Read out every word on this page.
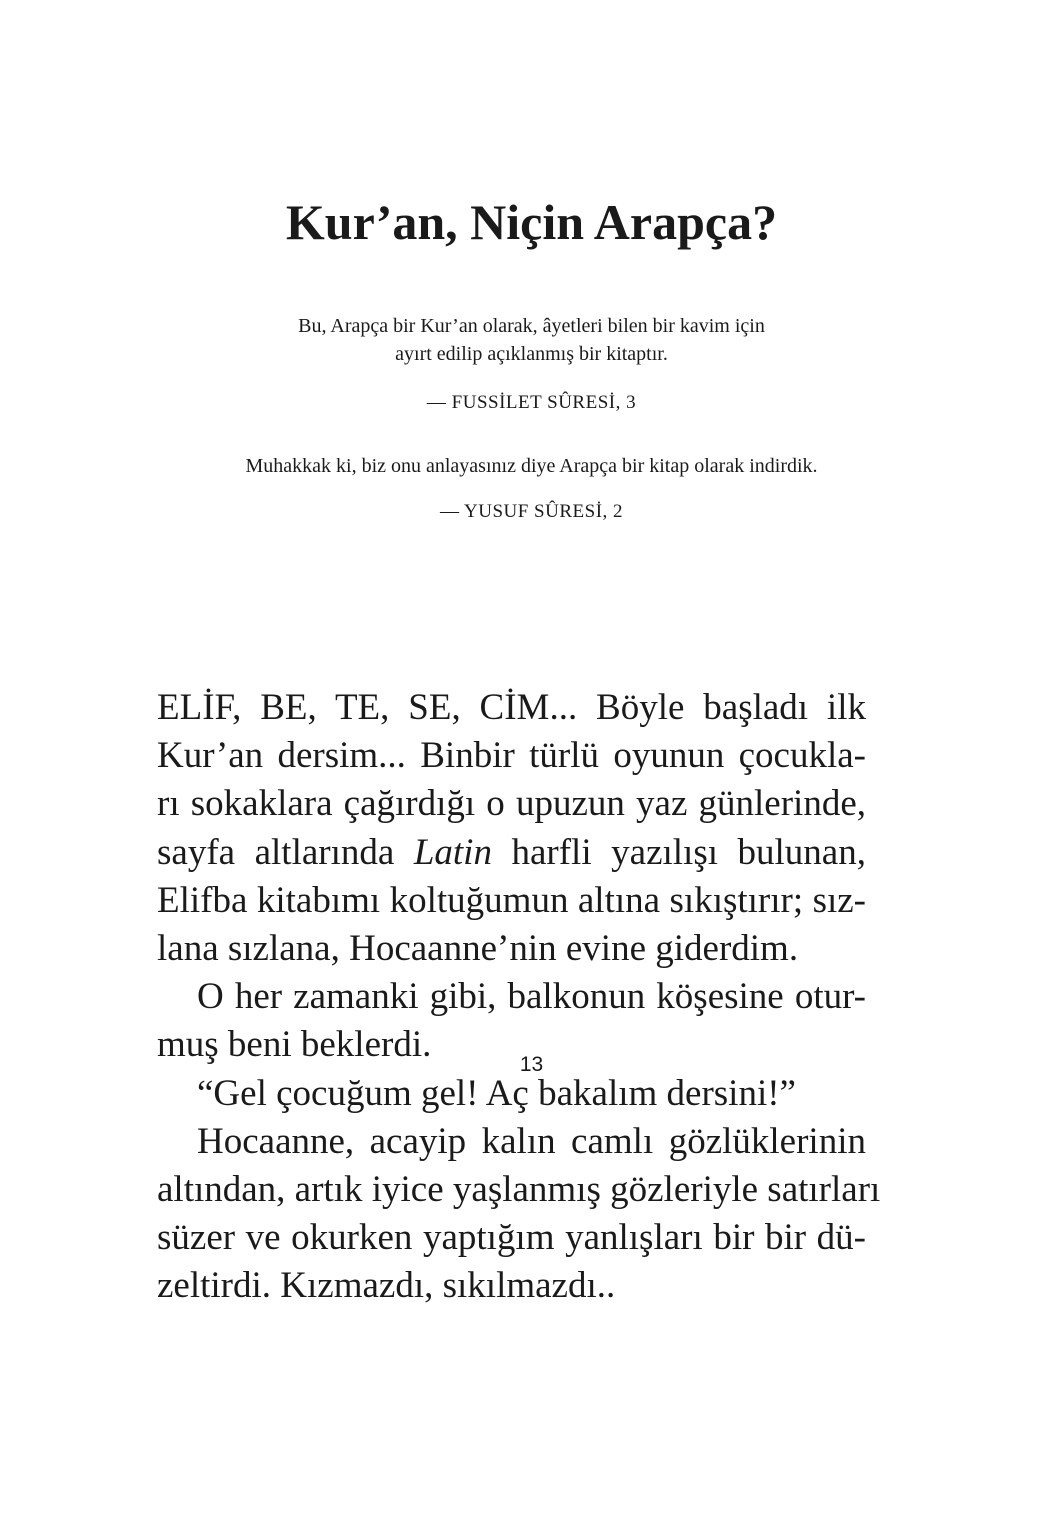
Kur’an, Niçin Arapça?
Bu, Arapça bir Kur’an olarak, âyetleri bilen bir kavim için
ayırt edilip açıklanmış bir kitaptır.
— FUSSİLET SÛRESİ, 3
Muhakkak ki, biz onu anlayasınız diye Arapça bir kitap olarak indirdik.
— YUSUF SÛRESİ, 2

ELİF, BE, TE, SE, CİM... Böyle başladı ilk
Kur’an dersim... Binbir türlü oyunun çocukla-
rı sokaklara çağırdığı o upuzun yaz günlerinde,
sayfa altlarında Latin harfli yazılışı bulunan,
Elifba kitabımı koltuğumun altına sıkıştırır; sız-
lana sızlana, Hocaanne’nin evine giderdim.

O her zamanki gibi, balkonun köşesine otur-
muş beni beklerdi.

“Gel çocuğum gel! Aç bakalım dersini!”

Hocaanne, acayip kalın camlı gözlüklerinin
altından, artık iyice yaşlanmış gözleriyle satırları
süzer ve okurken yaptığım yanlışları bir bir dü-
zeltirdi. Kızmazdı, sıkılmazdı..

13
